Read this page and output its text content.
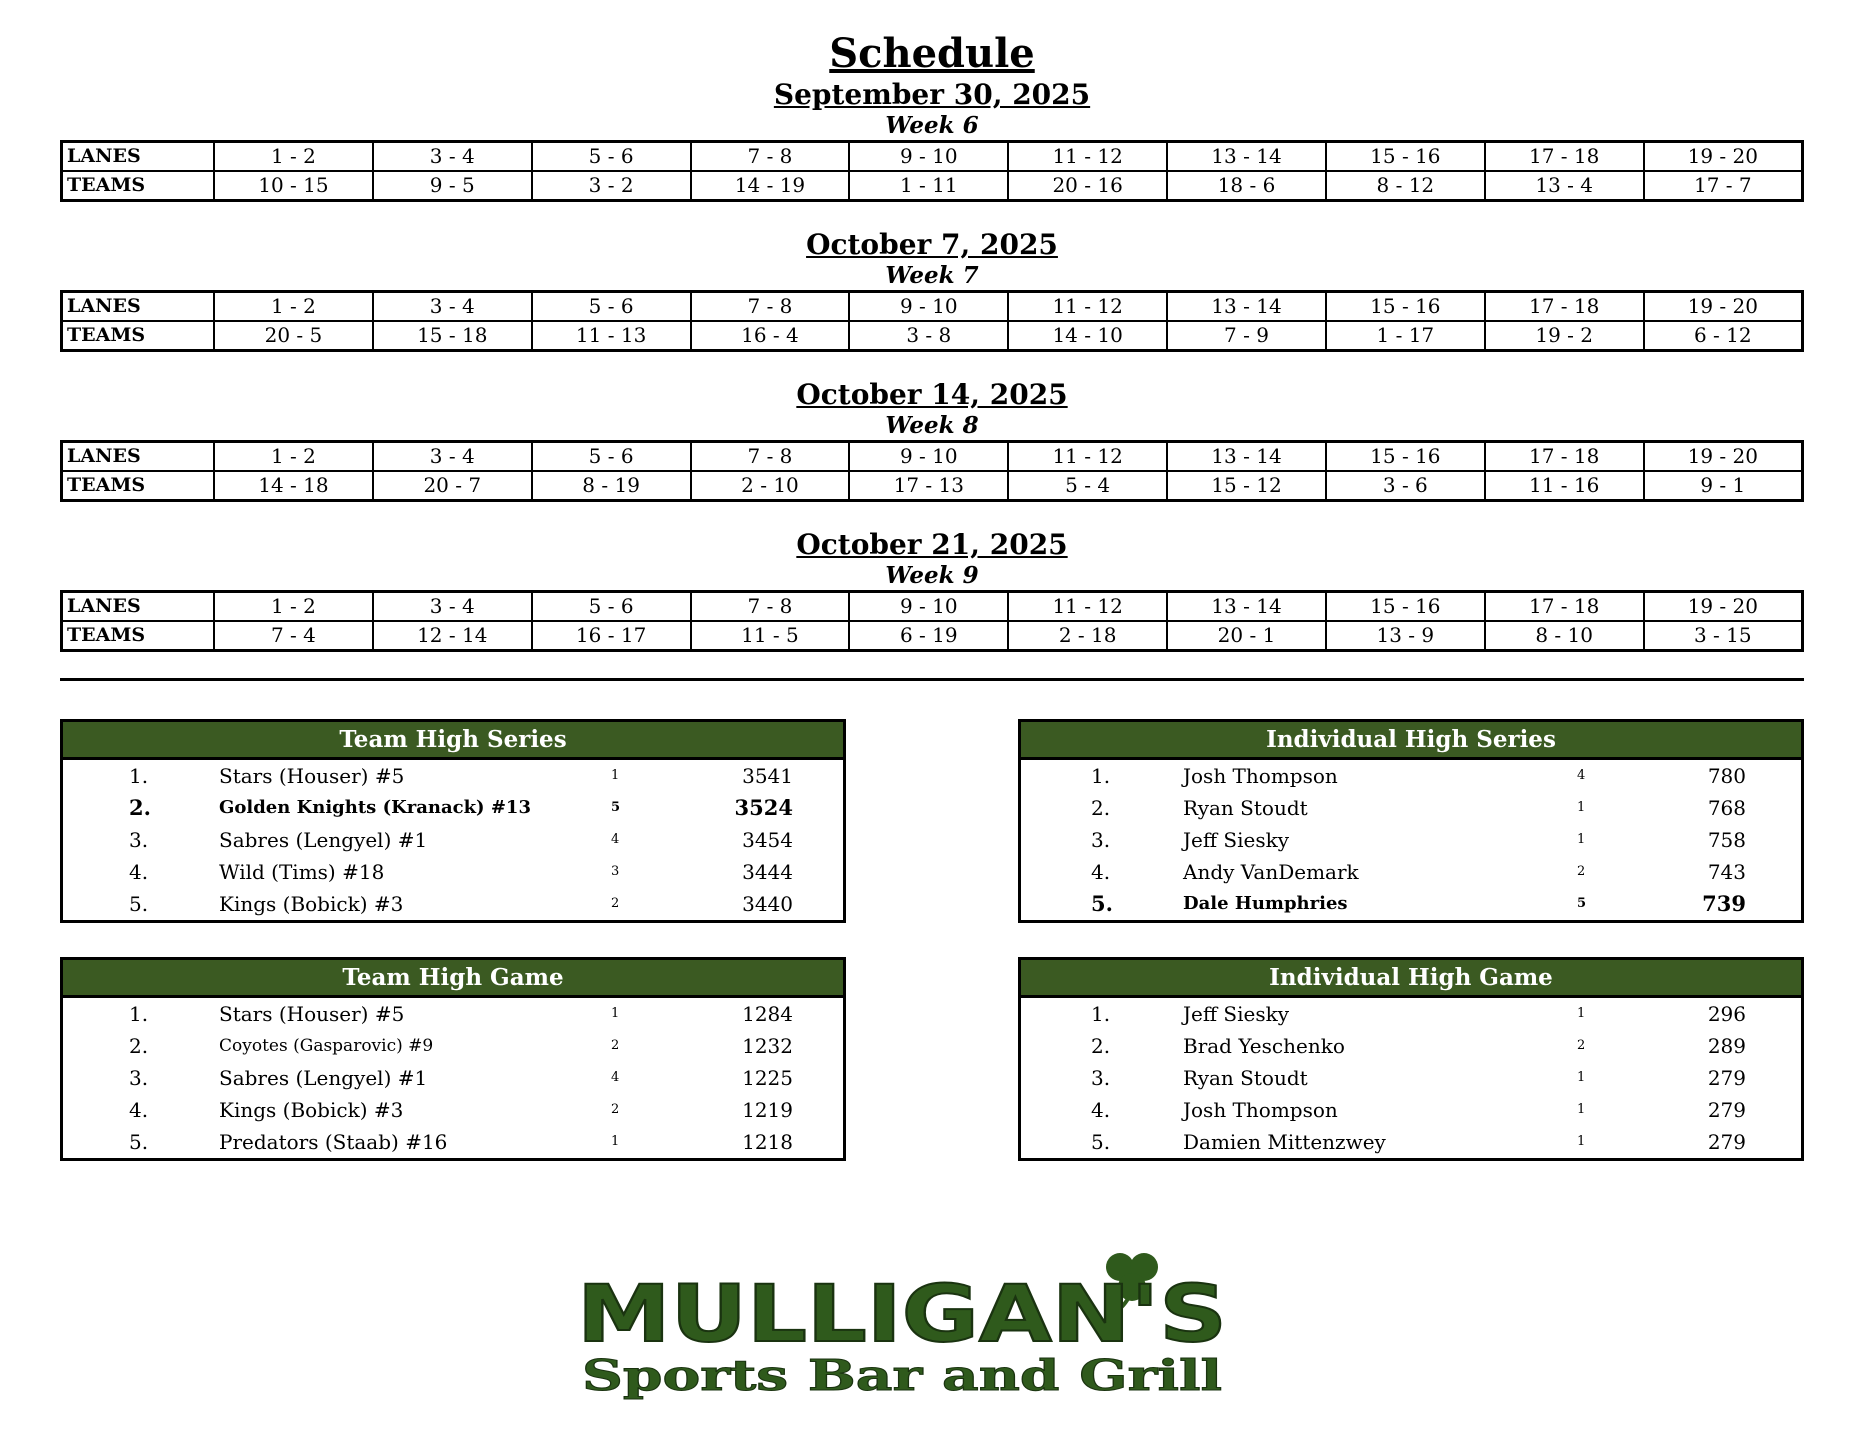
Schedule
September 30, 2025
Week 6
LANES	1 - 2	3 - 4	5 - 6	7 - 8	9 - 10	11 - 12	13 - 14	15 - 16	17 - 18	19 - 20
TEAMS	10 - 15	9 - 5	3 - 2	14 - 19	1 - 11	20 - 16	18 - 6	8 - 12	13 - 4	17 - 7
October 7, 2025
Week 7
LANES	1 - 2	3 - 4	5 - 6	7 - 8	9 - 10	11 - 12	13 - 14	15 - 16	17 - 18	19 - 20
TEAMS	20 - 5	15 - 18	11 - 13	16 - 4	3 - 8	14 - 10	7 - 9	1 - 17	19 - 2	6 - 12
October 14, 2025
Week 8
LANES	1 - 2	3 - 4	5 - 6	7 - 8	9 - 10	11 - 12	13 - 14	15 - 16	17 - 18	19 - 20
TEAMS	14 - 18	20 - 7	8 - 19	2 - 10	17 - 13	5 - 4	15 - 12	3 - 6	11 - 16	9 - 1
October 21, 2025
Week 9
LANES	1 - 2	3 - 4	5 - 6	7 - 8	9 - 10	11 - 12	13 - 14	15 - 16	17 - 18	19 - 20
TEAMS	7 - 4	12 - 14	16 - 17	11 - 5	6 - 19	2 - 18	20 - 1	13 - 9	8 - 10	3 - 15
Team High Series
1.	Stars (Houser) #5	1	3541
2.	Golden Knights (Kranack) #13	5	3524
3.	Sabres (Lengyel) #1	4	3454
4.	Wild (Tims) #18	3	3444
5.	Kings (Bobick) #3	2	3440
Individual High Series
1.	Josh Thompson	4	780
2.	Ryan Stoudt	1	768
3.	Jeff Siesky	1	758
4.	Andy VanDemark	2	743
5.	Dale Humphries	5	739
Team High Game
1.	Stars (Houser) #5	1	1284
2.	Coyotes (Gasparovic) #9	2	1232
3.	Sabres (Lengyel) #1	4	1225
4.	Kings (Bobick) #3	2	1219
5.	Predators (Staab) #16	1	1218
Individual High Game
1.	Jeff Siesky	1	296
2.	Brad Yeschenko	2	289
3.	Ryan Stoudt	1	279
4.	Josh Thompson	1	279
5.	Damien Mittenzwey	1	279
MULLIGAN'S
Sports Bar and Grill
